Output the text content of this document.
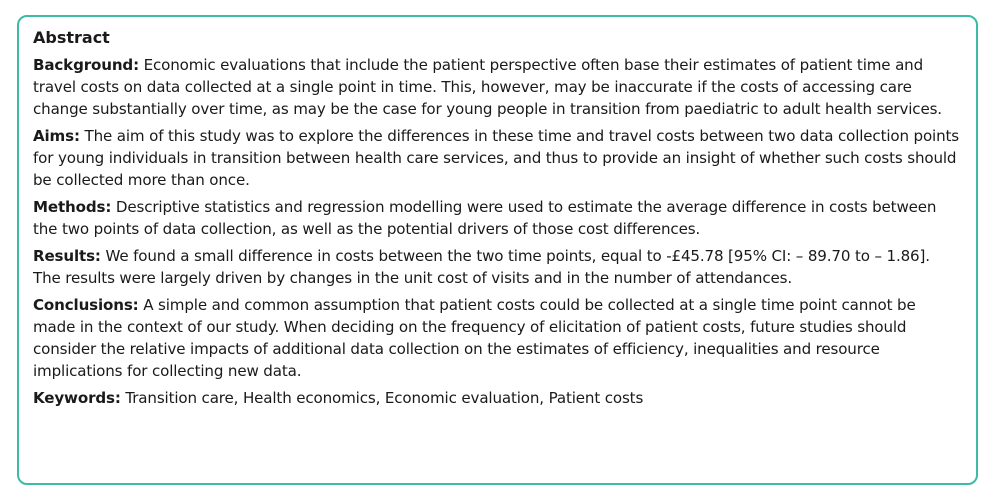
Abstract
Background: Economic evaluations that include the patient perspective often base their estimates of patient time and travel costs on data collected at a single point in time. This, however, may be inaccurate if the costs of accessing care change substantially over time, as may be the case for young people in transition from paediatric to adult health services.
Aims: The aim of this study was to explore the differences in these time and travel costs between two data collection points for young individuals in transition between health care services, and thus to provide an insight of whether such costs should be collected more than once.
Methods: Descriptive statistics and regression modelling were used to estimate the average difference in costs between the two points of data collection, as well as the potential drivers of those cost differences.
Results: We found a small difference in costs between the two time points, equal to -£45.78 [95% CI: – 89.70 to – 1.86]. The results were largely driven by changes in the unit cost of visits and in the number of attendances.
Conclusions: A simple and common assumption that patient costs could be collected at a single time point cannot be made in the context of our study. When deciding on the frequency of elicitation of patient costs, future studies should consider the relative impacts of additional data collection on the estimates of efficiency, inequalities and resource implications for collecting new data.
Keywords: Transition care, Health economics, Economic evaluation, Patient costs
